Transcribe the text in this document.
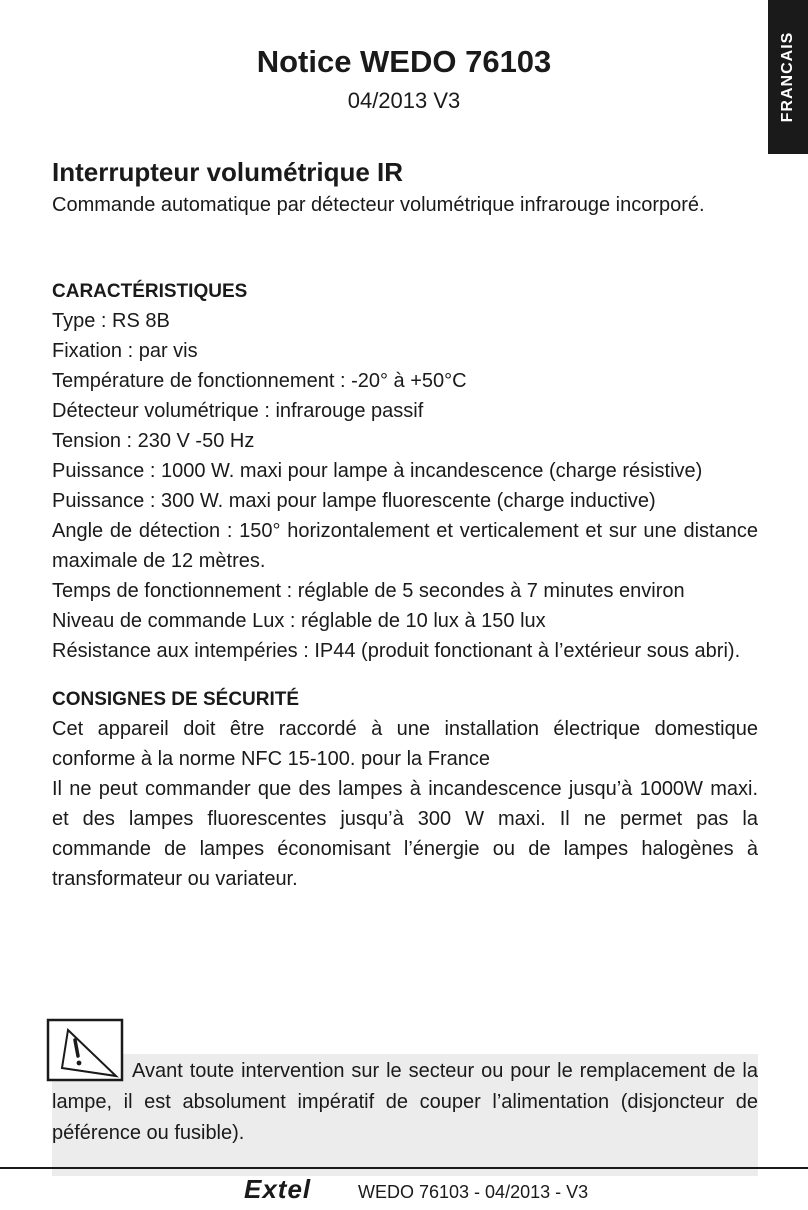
FRANCAIS
Notice WEDO 76103
04/2013 V3
Interrupteur volumétrique IR

Commande automatique par détecteur volumétrique infrarouge incorporé.

CARACTÉRISTIQUES
Type : RS 8B
Fixation : par vis
Température de fonctionnement : -20° à +50°C
Détecteur volumétrique : infrarouge passif
Tension : 230 V -50 Hz
Puissance : 1000 W. maxi pour lampe à incandescence (charge résistive)
Puissance : 300 W. maxi pour lampe fluorescente (charge inductive)
Angle de détection : 150° horizontalement et verticalement et sur une distance maximale de 12 mètres.
Temps de fonctionnement : réglable de 5 secondes à 7 minutes environ
Niveau de commande Lux : réglable de 10 lux à 150 lux
Résistance aux intempéries : IP44 (produit fonctionant à l’extérieur sous abri).
CONSIGNES DE SÉCURITÉ

Cet appareil doit être raccordé à une installation électrique domestique conforme à la norme NFC 15-100. pour la France

Il ne peut commander que des lampes à incandescence jusqu’à 1000W maxi. et des lampes fluorescentes jusqu’à 300 W maxi. Il ne permet pas la commande de lampes économisant l’énergie ou de lampes halogènes à transformateur ou variateur.

Avant toute intervention sur le secteur ou pour le remplacement de la lampe, il est absolument impératif de couper l’alimentation (disjoncteur de péférence ou fusible).

Extel	WEDO 76103 - 04/2013 - V3
